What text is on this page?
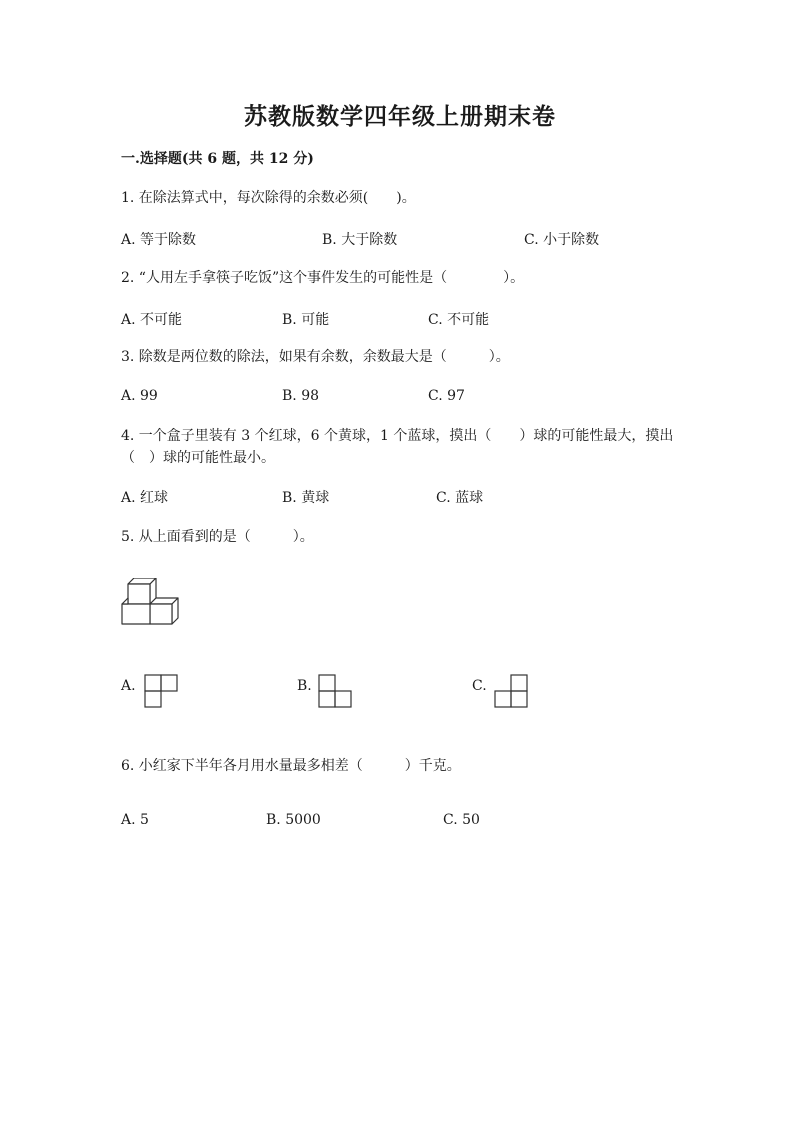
苏教版数学四年级上册期末卷

一.选择题(共 6 题，共 12 分)

1. 在除法算式中，每次除得的余数必须(　　)。

A. 等于除数	B. 大于除数	C. 小于除数

2. “人用左手拿筷子吃饭”这个事件发生的可能性是（　　　　）。

A. 不可能	B. 可能	C. 不可能

3. 除数是两位数的除法，如果有余数，余数最大是（　　　）。

A. 99	B. 98	C. 97

4. 一个盒子里装有 3 个红球，6 个黄球，1 个蓝球，摸出（　　）球的可能性最大，摸出（　）球的可能性最小。

A. 红球	B. 黄球	C. 蓝球

5. 从上面看到的是（　　　）。

A.	B.	C.

6. 小红家下半年各月用水量最多相差（　　　）千克。

A. 5	B. 5000	C. 50
